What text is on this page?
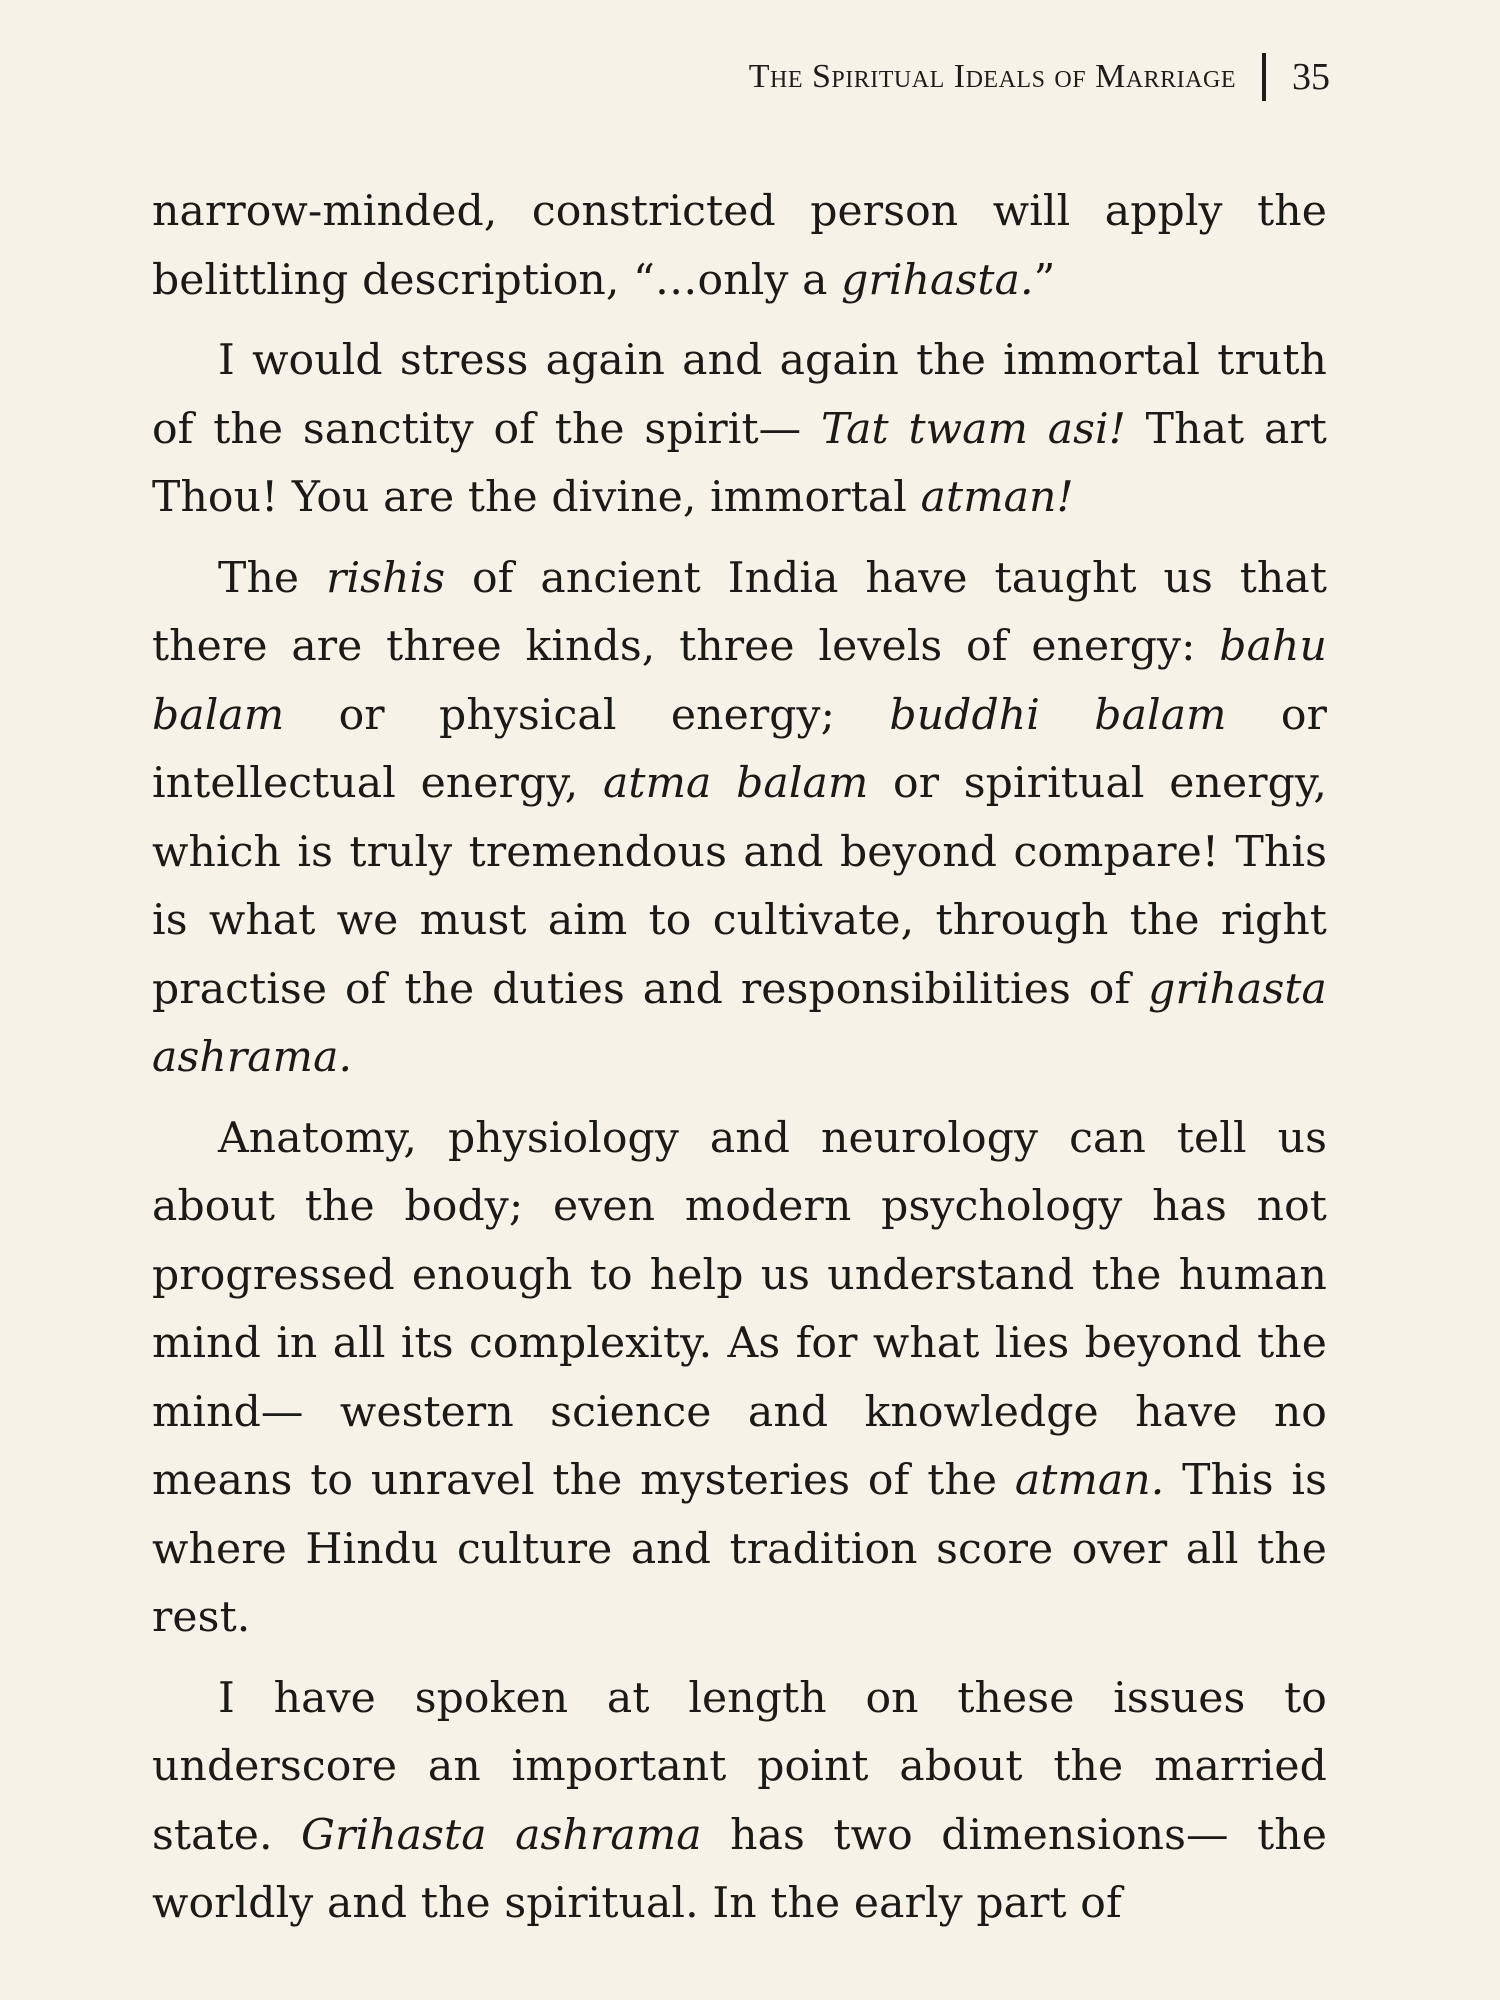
The Spiritual Ideals of Marriage 35

narrow-minded, constricted person will apply the belittling description, “…only a grihasta.”

I would stress again and again the immortal truth of the sanctity of the spirit— Tat twam asi! That art Thou! You are the divine, immortal atman!

The rishis of ancient India have taught us that there are three kinds, three levels of energy: bahu balam or physical energy; buddhi balam or intellectual energy, atma balam or spiritual energy, which is truly tremendous and beyond compare! This is what we must aim to cultivate, through the right practise of the duties and responsibilities of grihasta ashrama.

Anatomy, physiology and neurology can tell us about the body; even modern psychology has not progressed enough to help us understand the human mind in all its complexity. As for what lies beyond the mind— western science and knowledge have no means to unravel the mysteries of the atman. This is where Hindu culture and tradition score over all the rest.

I have spoken at length on these issues to underscore an important point about the married state. Grihasta ashrama has two dimensions— the worldly and the spiritual. In the early part of
